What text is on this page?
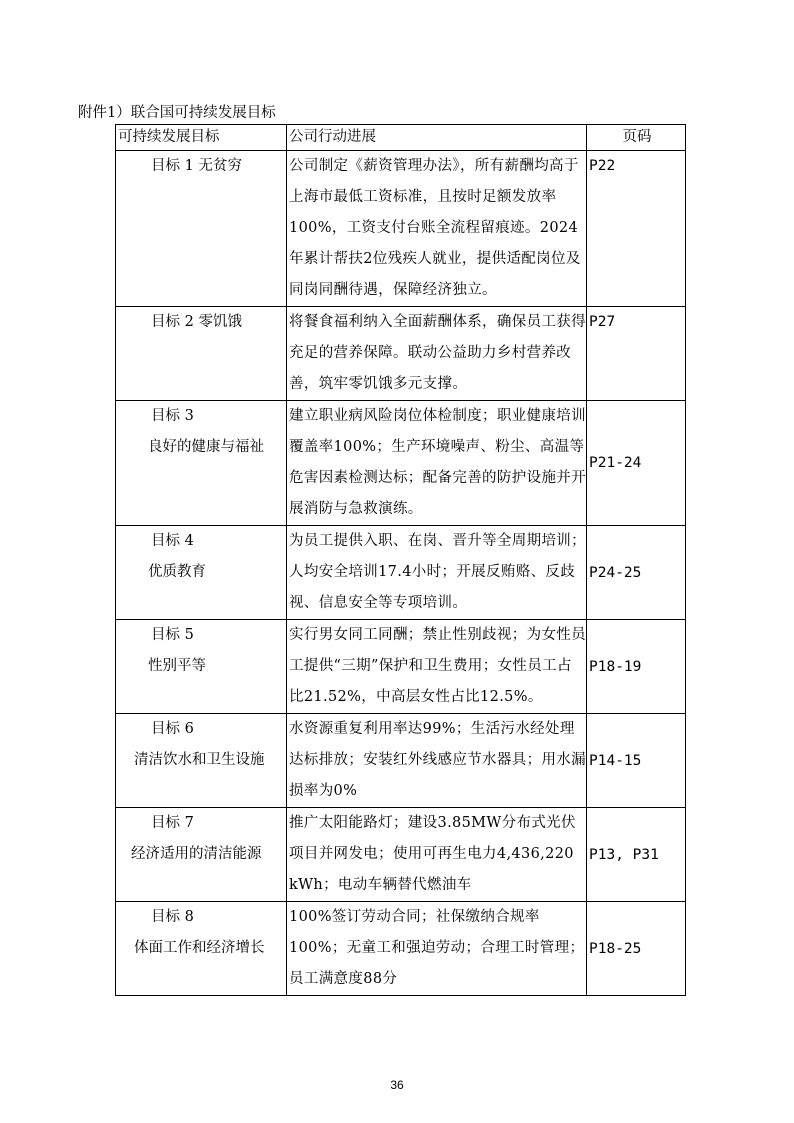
附件1）联合国可持续发展目标
可持续发展目标	公司行动进展	页码

目标 1 无贫穷	公司制定《薪资管理办法》，所有薪酬均高于上海市最低工资标准，且按时足额发放率100%，工资支付台账全流程留痕迹。2024年累计帮扶2位残疾人就业，提供适配岗位及同岗同酬待遇，保障经济独立。	P22

目标 2 零饥饿	将餐食福利纳入全面薪酬体系，确保员工获得充足的营养保障。联动公益助力乡村营养改善，筑牢零饥饿多元支撑。	P27

目标 3
良好的健康与福祉	建立职业病风险岗位体检制度；职业健康培训覆盖率100%；生产环境噪声、粉尘、高温等危害因素检测达标；配备完善的防护设施并开展消防与急救演练。	P21-24

目标 4
优质教育	为员工提供入职、在岗、晋升等全周期培训；人均安全培训17.4小时；开展反贿赂、反歧视、信息安全等专项培训。	P24-25

目标 5
性别平等	实行男女同工同酬；禁止性别歧视；为女性员工提供“三期”保护和卫生费用；女性员工占比21.52%，中高层女性占比12.5%。	P18-19

目标 6
清洁饮水和卫生设施	水资源重复利用率达99%；生活污水经处理达标排放；安装红外线感应节水器具；用水漏损率为0%	P14-15

目标 7
经济适用的清洁能源	推广太阳能路灯；建设3.85MW分布式光伏项目并网发电；使用可再生电力4,436,220 kWh；电动车辆替代燃油车	P13, P31

目标 8
体面工作和经济增长	100%签订劳动合同；社保缴纳合规率100%；无童工和强迫劳动；合理工时管理；员工满意度88分	P18-25
36
